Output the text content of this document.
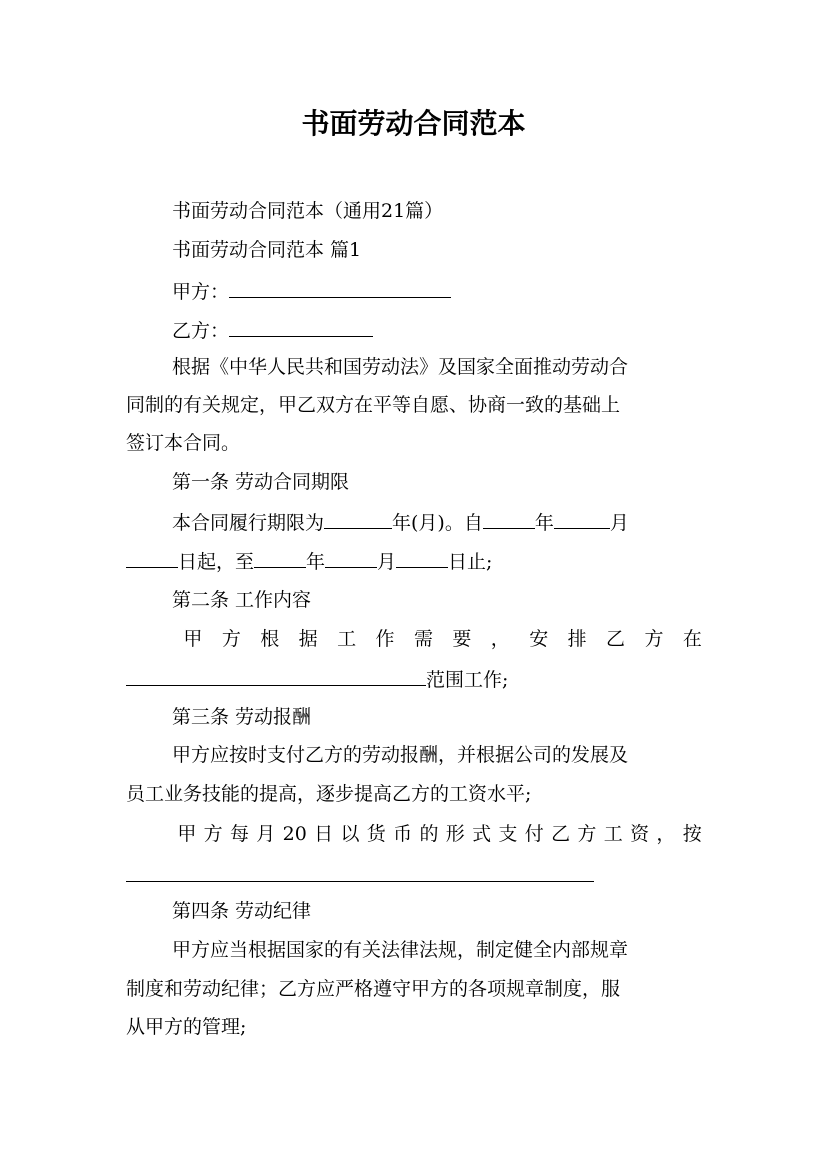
书面劳动合同范本
书面劳动合同范本（通用21篇）
书面劳动合同范本 篇1
甲方：
乙方：
根据《中华人民共和国劳动法》及国家全面推动劳动合
同制的有关规定，甲乙双方在平等自愿、协商一致的基础上
签订本合同。
第一条 劳动合同期限
本合同履行期限为	年(月)。自	年	月
日起，至	年	月	日止;
第二条 工作内容
甲 方 根 据 工 作 需 要 ， 安 排 乙 方 在
范围工作;
第三条 劳动报酬
甲方应按时支付乙方的劳动报酬，并根据公司的发展及
员工业务技能的提高，逐步提高乙方的工资水平;
甲 方 每 月 20 日 以 货 币 的 形 式 支 付 乙 方 工 资 ， 按
第四条 劳动纪律
甲方应当根据国家的有关法律法规，制定健全内部规章
制度和劳动纪律；乙方应严格遵守甲方的各项规章制度，服
从甲方的管理;
